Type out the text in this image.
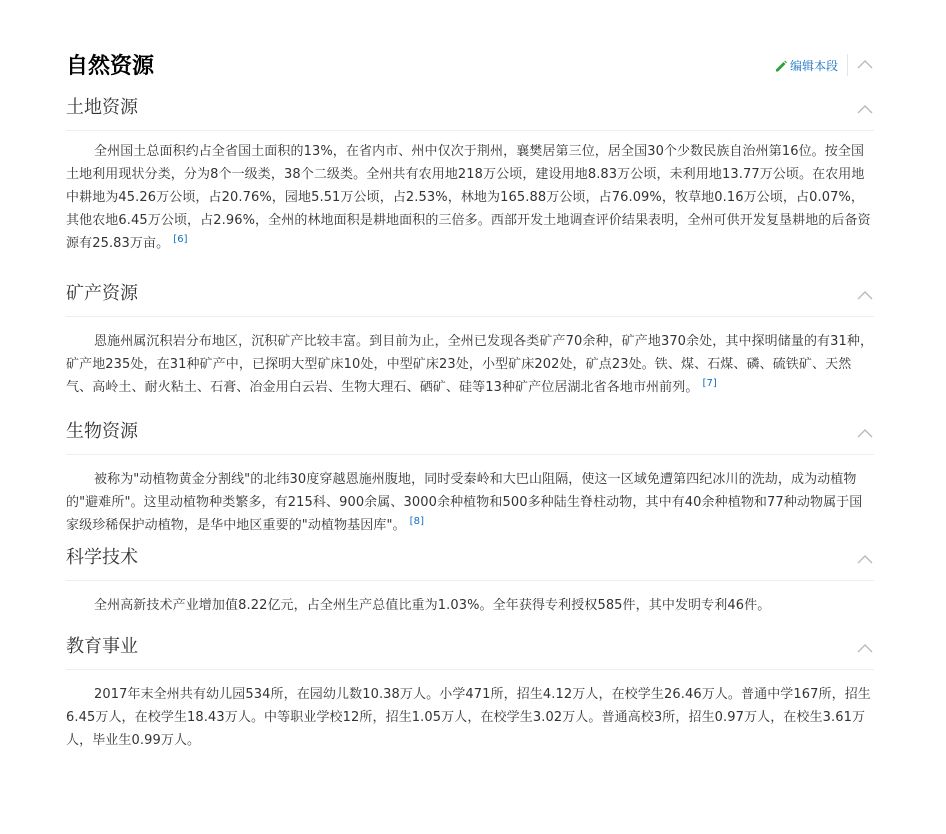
自然资源	编辑本段
土地资源

全州国土总面积约占全省国土面积的13%，在省内市、州中仅次于荆州，襄樊居第三位，居全国30个少数民族自治州第16位。按全国土地利用现状分类，分为8个一级类，38个二级类。全州共有农用地218万公顷，建设用地8.83万公顷，未利用地13.77万公顷。在农用地中耕地为45.26万公顷，占20.76%，园地5.51万公顷，占2.53%，林地为165.88万公顷，占76.09%，牧草地0.16万公顷，占0.07%，其他农地6.45万公顷，占2.96%，全州的林地面积是耕地面积的三倍多。西部开发土地调查评价结果表明，全州可供开发复垦耕地的后备资源有25.83万亩。 [6]

矿产资源

恩施州属沉积岩分布地区，沉积矿产比较丰富。到目前为止，全州已发现各类矿产70余种，矿产地370余处，其中探明储量的有31种，矿产地235处，在31种矿产中，已探明大型矿床10处，中型矿床23处，小型矿床202处，矿点23处。铁、煤、石煤、磷、硫铁矿、天然气、高岭土、耐火粘土、石膏、冶金用白云岩、生物大理石、硒矿、硅等13种矿产位居湖北省各地市州前列。 [7]

生物资源

被称为"动植物黄金分割线"的北纬30度穿越恩施州腹地，同时受秦岭和大巴山阻隔，使这一区域免遭第四纪冰川的洗劫，成为动植物的"避难所"。这里动植物种类繁多，有215科、900余属、3000余种植物和500多种陆生脊柱动物，其中有40余种植物和77种动物属于国家级珍稀保护动植物，是华中地区重要的"动植物基因库"。 [8]

科学技术

全州高新技术产业增加值8.22亿元，占全州生产总值比重为1.03%。全年获得专利授权585件，其中发明专利46件。

教育事业

2017年末全州共有幼儿园534所，在园幼儿数10.38万人。小学471所，招生4.12万人，在校学生26.46万人。普通中学167所，招生6.45万人，在校学生18.43万人。中等职业学校12所，招生1.05万人，在校学生3.02万人。普通高校3所，招生0.97万人，在校生3.61万人，毕业生0.99万人。
